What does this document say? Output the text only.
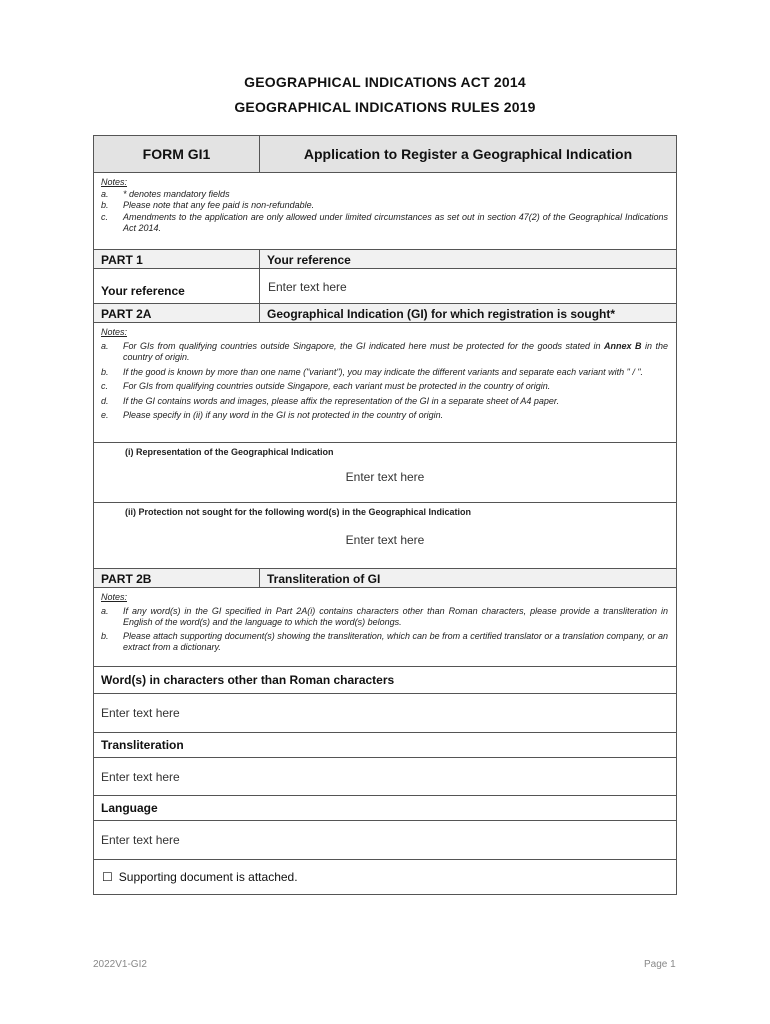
GEOGRAPHICAL INDICATIONS ACT 2014
GEOGRAPHICAL INDICATIONS RULES 2019
FORM GI1	Application to Register a Geographical Indication
Notes:
a.	* denotes mandatory fields
b.	Please note that any fee paid is non-refundable.
c.	Amendments to the application are only allowed under limited circumstances as set out in section 47(2) of the Geographical Indications Act 2014.
PART 1	Your reference
Your reference	Enter text here
PART 2A	Geographical Indication (GI) for which registration is sought*
Notes:
a.	For GIs from qualifying countries outside Singapore, the GI indicated here must be protected for the goods stated in Annex B in the country of origin.
b.	If the good is known by more than one name ("variant"), you may indicate the different variants and separate each variant with " / ".
c.	For GIs from qualifying countries outside Singapore, each variant must be protected in the country of origin.
d.	If the GI contains words and images, please affix the representation of the GI in a separate sheet of A4 paper.
e.	Please specify in (ii) if any word in the GI is not protected in the country of origin.
(i) Representation of the Geographical Indication
Enter text here
(ii) Protection not sought for the following word(s) in the Geographical Indication
Enter text here
PART 2B	Transliteration of GI
Notes:
a.	If any word(s) in the GI specified in Part 2A(i) contains characters other than Roman characters, please provide a transliteration in English of the word(s) and the language to which the word(s) belongs.
b.	Please attach supporting document(s) showing the transliteration, which can be from a certified translator or a translation company, or an extract from a dictionary.
Word(s) in characters other than Roman characters
Enter text here
Transliteration
Enter text here
Language
Enter text here
☐ Supporting document is attached.
2022V1-GI2	Page 1
